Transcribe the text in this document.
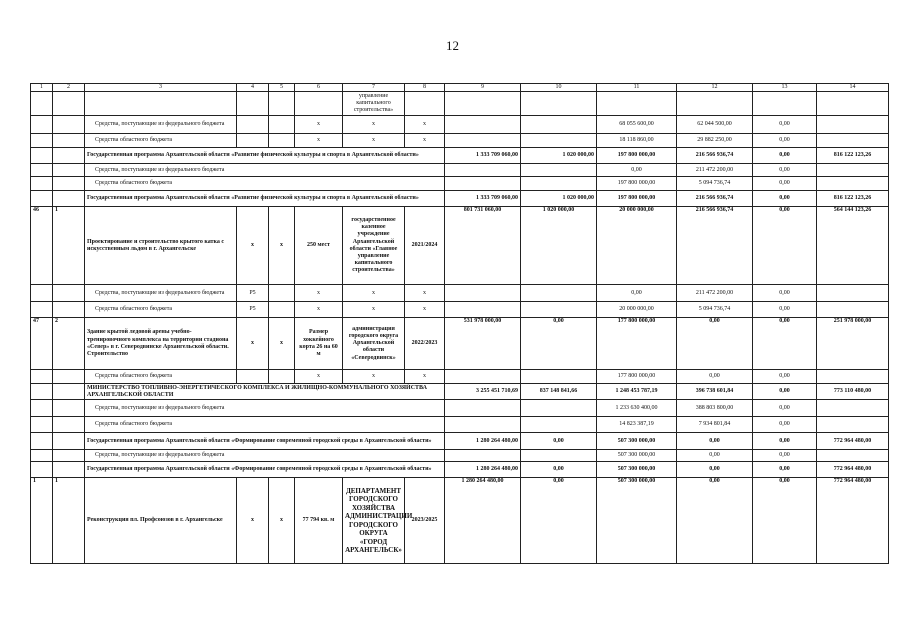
12
1	2	3	4	5	6	7	8	9	10	11	12	13	14
						управление капитального строительства»							
		Средства, поступающие из федерального бюджета			х	х	х			68 055 600,00	62 044 500,00	0,00	
		Средства областного бюджета			х	х	х			18 118 860,00	29 882 250,00	0,00	
		Государственная программа Архангельской области «Развитие физической культуры и спорта в Архангельской области»						1 333 709 060,00	1 020 000,00	197 800 000,00	216 566 936,74	0,00	816 122 123,26
		Средства, поступающие из федерального бюджета								0,00	211 472 200,00	0,00	
		Средства областного бюджета								197 800 000,00	5 094 736,74	0,00	
		Государственная программа Архангельской области «Развитие физической культуры и спорта в Архангельской области»						1 333 709 060,00	1 020 000,00	197 800 000,00	216 566 936,74	0,00	816 122 123,26
46	1	Проектирование и строительство крытого катка с искусственным льдом в г. Архангельске	х	х	250 мест	государственное казенное учреждение Архангельской области «Главное управление капитального строительства»	2021/2024	801 731 060,00	1 020 000,00	20 000 000,00	216 566 936,74	0,00	564 144 123,26
		Средства, поступающие из федерального бюджета	Р5		х	х	х			0,00	211 472 200,00	0,00	
		Средства областного бюджета	Р5		х	х	х			20 000 000,00	5 094 736,74	0,00	
47	2	Здание крытой ледовой арены учебно-тренировочного комплекса на территории стадиона «Север» в г. Северодвинске Архангельской области. Строительство	х	х	Размер хоккейного корта 26 на 60 м	администрация городского округа Архангельской области «Северодвинск»	2022/2023	531 978 000,00	0,00	177 800 000,00	0,00	0,00	251 978 000,00
		Средства областного бюджета			х	х	х			177 800 000,00	0,00	0,00	
		МИНИСТЕРСТВО ТОПЛИВНО-ЭНЕРГЕТИЧЕСКОГО КОМПЛЕКСА И ЖИЛИЩНО-КОММУНАЛЬНОГО ХОЗЯЙСТВА АРХАНГЕЛЬСКОЙ ОБЛАСТИ						3 255 451 710,69	837 148 841,66	1 248 453 787,19	396 738 601,84	0,00	773 110 480,00
		Средства, поступающие из федерального бюджета								1 233 630 400,00	388 803 800,00	0,00	
		Средства областного бюджета								14 823 387,19	7 934 801,84	0,00	
		Государственная программа Архангельской области «Формирование современной городской среды в Архангельской области»						1 280 264 480,00	0,00	507 300 000,00	0,00	0,00	772 964 480,00
		Средства, поступающие из федерального бюджета								507 300 000,00	0,00	0,00	
		Государственная программа Архангельской области «Формирование современной городской среды в Архангельской области»						1 280 264 480,00	0,00	507 300 000,00	0,00	0,00	772 964 480,00
1	1	Реконструкция пл. Профсоюзов в г. Архангельске	х	х	77 794 кв. м	ДЕПАРТАМЕНТ ГОРОДСКОГО ХОЗЯЙСТВА АДМИНИСТРАЦИИ ГОРОДСКОГО ОКРУГА «ГОРОД АРХАНГЕЛЬСК»	2023/2025	1 280 264 480,00	0,00	507 300 000,00	0,00	0,00	772 964 480,00
